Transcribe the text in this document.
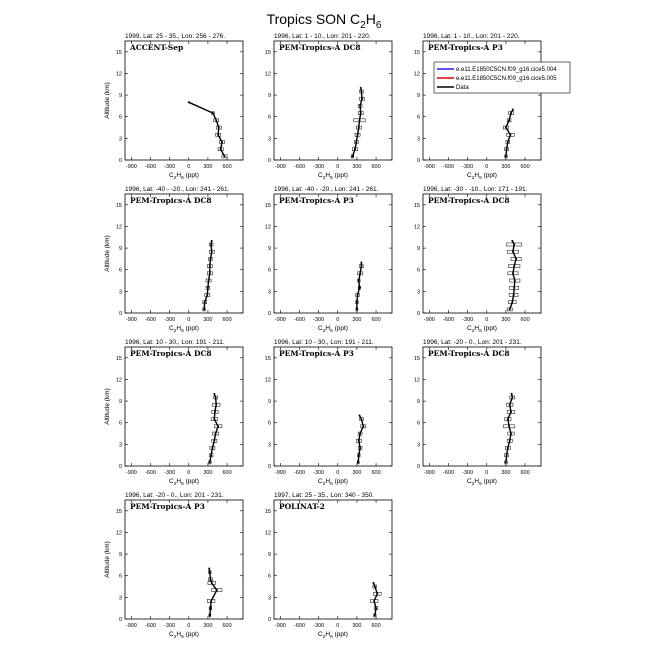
Tropics SON $C_2H_6$
1999, Lat: 25 - 35., Lon: 256 - 276.
ACCENT-Sep
-900 -600 -300 0 300 600
0
3
6
9
12
15
$C_2H_6$ (ppt)
Altitude (km)
1996, Lat: 1 - 10., Lon: 201 - 220.
PEM-Tropics-A DC8
-900 -600 -300 0 300 600
0
3
6
9
12
15
$C_2H_6$ (ppt)
1996, Lat: 1 - 10., Lon: 201 - 220.
PEM-Tropics-A P3
-900 -600 -300 0 300 600
0
3
6
9
12
15
$C_2H_6$ (ppt)
1996, Lat: -40 - -20., Lon: 241 - 261.
PEM-Tropics-A DC8
-900 -600 -300 0 300 600
0
3
6
9
12
15
$C_2H_6$ (ppt)
Altitude (km)
1996, Lat: -40 - -20., Lon: 241 - 261.
PEM-Tropics-A P3
-900 -600 -300 0 300 600
0
3
6
9
12
15
$C_2H_6$ (ppt)
1996, Lat: -30 - -10., Lon: 171 - 191.
PEM-Tropics-A DC8
-900 -600 -300 0 300 600
0
3
6
9
12
15
$C_2H_6$ (ppt)
1996, Lat: 10 - 30., Lon: 191 - 211.
PEM-Tropics-A DC8
-900 -600 -300 0 300 600
0
3
6
9
12
15
$C_2H_6$ (ppt)
Altitude (km)
1996, Lat: 10 - 30., Lon: 191 - 211.
PEM-Tropics-A P3
-900 -600 -300 0 300 600
0
3
6
9
12
15
$C_2H_6$ (ppt)
1996, Lat: -20 - 0., Lon: 201 - 231.
PEM-Tropics-A DC8
-900 -600 -300 0 300 600
0
3
6
9
12
15
$C_2H_6$ (ppt)
1996, Lat: -20 - 0., Lon: 201 - 231.
PEM-Tropics-A P3
-900 -600 -300 0 300 600
0
3
6
9
12
15
$C_2H_6$ (ppt)
Altitude (km)
1997, Lat: 25 - 35., Lon: 340 - 350.
POLINAT-2
-900 -600 -300 0 300 600
0
3
6
9
12
15
$C_2H_6$ (ppt)
e.e11.E1850C5CN.f09_g16.cice5.004
e.e11.E1850C5CN.f09_g16.cice5.005
Data
